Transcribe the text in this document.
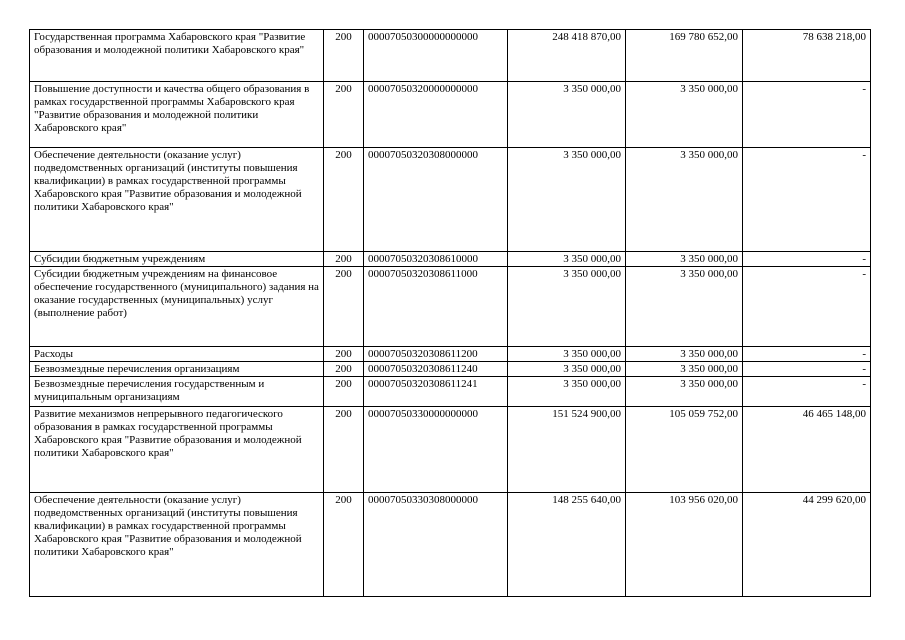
Государственная программа Хабаровского края "Развитие образования и молодежной политики Хабаровского края"	200	00007050300000000000	248 418 870,00	169 780 652,00	78 638 218,00
Повышение доступности и качества общего образования в рамках государственной программы Хабаровского края "Развитие образования и молодежной политики Хабаровского края"	200	00007050320000000000	3 350 000,00	3 350 000,00	-
Обеспечение деятельности (оказание услуг) подведомственных организаций (институты повышения квалификации) в рамках государственной программы Хабаровского края "Развитие образования и молодежной политики Хабаровского края"	200	00007050320308000000	3 350 000,00	3 350 000,00	-
Субсидии бюджетным учреждениям	200	00007050320308610000	3 350 000,00	3 350 000,00	-
Субсидии бюджетным учреждениям на финансовое обеспечение государственного (муниципального) задания на оказание государственных (муниципальных) услуг (выполнение работ)	200	00007050320308611000	3 350 000,00	3 350 000,00	-
Расходы	200	00007050320308611200	3 350 000,00	3 350 000,00	-
Безвозмездные перечисления организациям	200	00007050320308611240	3 350 000,00	3 350 000,00	-
Безвозмездные перечисления государственным и муниципальным организациям	200	00007050320308611241	3 350 000,00	3 350 000,00	-
Развитие механизмов непрерывного педагогического образования в рамках государственной программы Хабаровского края "Развитие образования и молодежной политики Хабаровского края"	200	00007050330000000000	151 524 900,00	105 059 752,00	46 465 148,00
Обеспечение деятельности (оказание услуг) подведомственных организаций (институты повышения квалификации) в рамках государственной программы Хабаровского края "Развитие образования и молодежной политики Хабаровского края"	200	00007050330308000000	148 255 640,00	103 956 020,00	44 299 620,00
